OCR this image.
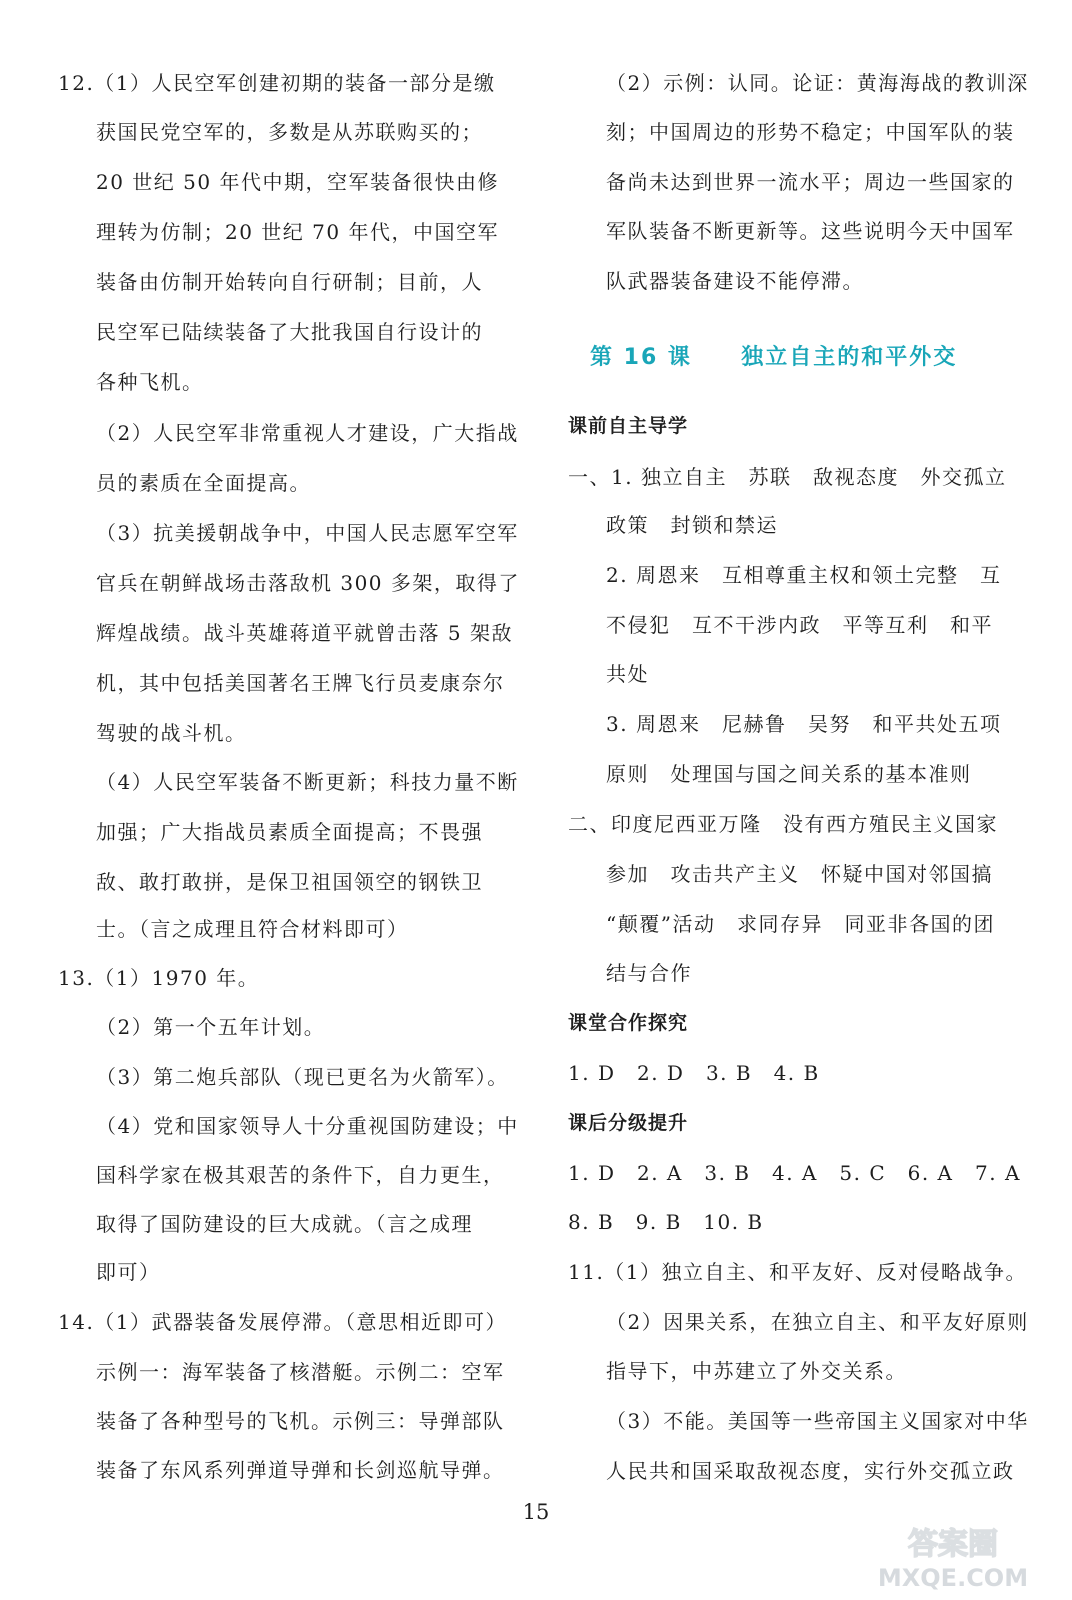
12.（1）人民空军创建初期的装备一部分是缴
获国民党空军的，多数是从苏联购买的；
20 世纪 50 年代中期，空军装备很快由修
理转为仿制；20 世纪 70 年代，中国空军
装备由仿制开始转向自行研制；目前，人
民空军已陆续装备了大批我国自行设计的
各种飞机。
（2）人民空军非常重视人才建设，广大指战
员的素质在全面提高。
（3）抗美援朝战争中，中国人民志愿军空军
官兵在朝鲜战场击落敌机 300 多架，取得了
辉煌战绩。战斗英雄蒋道平就曾击落 5 架敌
机，其中包括美国著名王牌飞行员麦康奈尔
驾驶的战斗机。
（4）人民空军装备不断更新；科技力量不断
加强；广大指战员素质全面提高；不畏强
敌、敢打敢拼，是保卫祖国领空的钢铁卫
士。（言之成理且符合材料即可）
13.（1）1970 年。
（2）第一个五年计划。
（3）第二炮兵部队（现已更名为火箭军）。
（4）党和国家领导人十分重视国防建设；中
国科学家在极其艰苦的条件下，自力更生，
取得了国防建设的巨大成就。（言之成理
即可）
14.（1）武器装备发展停滞。（意思相近即可）
示例一：海军装备了核潜艇。示例二：空军
装备了各种型号的飞机。示例三：导弹部队
装备了东风系列弹道导弹和长剑巡航导弹。
（2）示例：认同。论证：黄海海战的教训深
刻；中国周边的形势不稳定；中国军队的装
备尚未达到世界一流水平；周边一些国家的
军队装备不断更新等。这些说明今天中国军
队武器装备建设不能停滞。
第 16 课 独立自主的和平外交
课前自主导学
一、1. 独立自主　苏联　敌视态度　外交孤立
政策　封锁和禁运
2. 周恩来　互相尊重主权和领土完整　互
不侵犯　互不干涉内政　平等互利　和平
共处
3. 周恩来　尼赫鲁　吴努　和平共处五项
原则　处理国与国之间关系的基本准则
二、印度尼西亚万隆　没有西方殖民主义国家
参加　攻击共产主义　怀疑中国对邻国搞
“颠覆”活动　求同存异　同亚非各国的团
结与合作
课堂合作探究
1. D　2. D　3. B　4. B
课后分级提升
1. D　2. A　3. B　4. A　5. C　6. A　7. A
8. B　9. B　10. B
11.（1）独立自主、和平友好、反对侵略战争。
（2）因果关系，在独立自主、和平友好原则
指导下，中苏建立了外交关系。
（3）不能。美国等一些帝国主义国家对中华
人民共和国采取敌视态度，实行外交孤立政
15
答案圈
MXQE.COM
